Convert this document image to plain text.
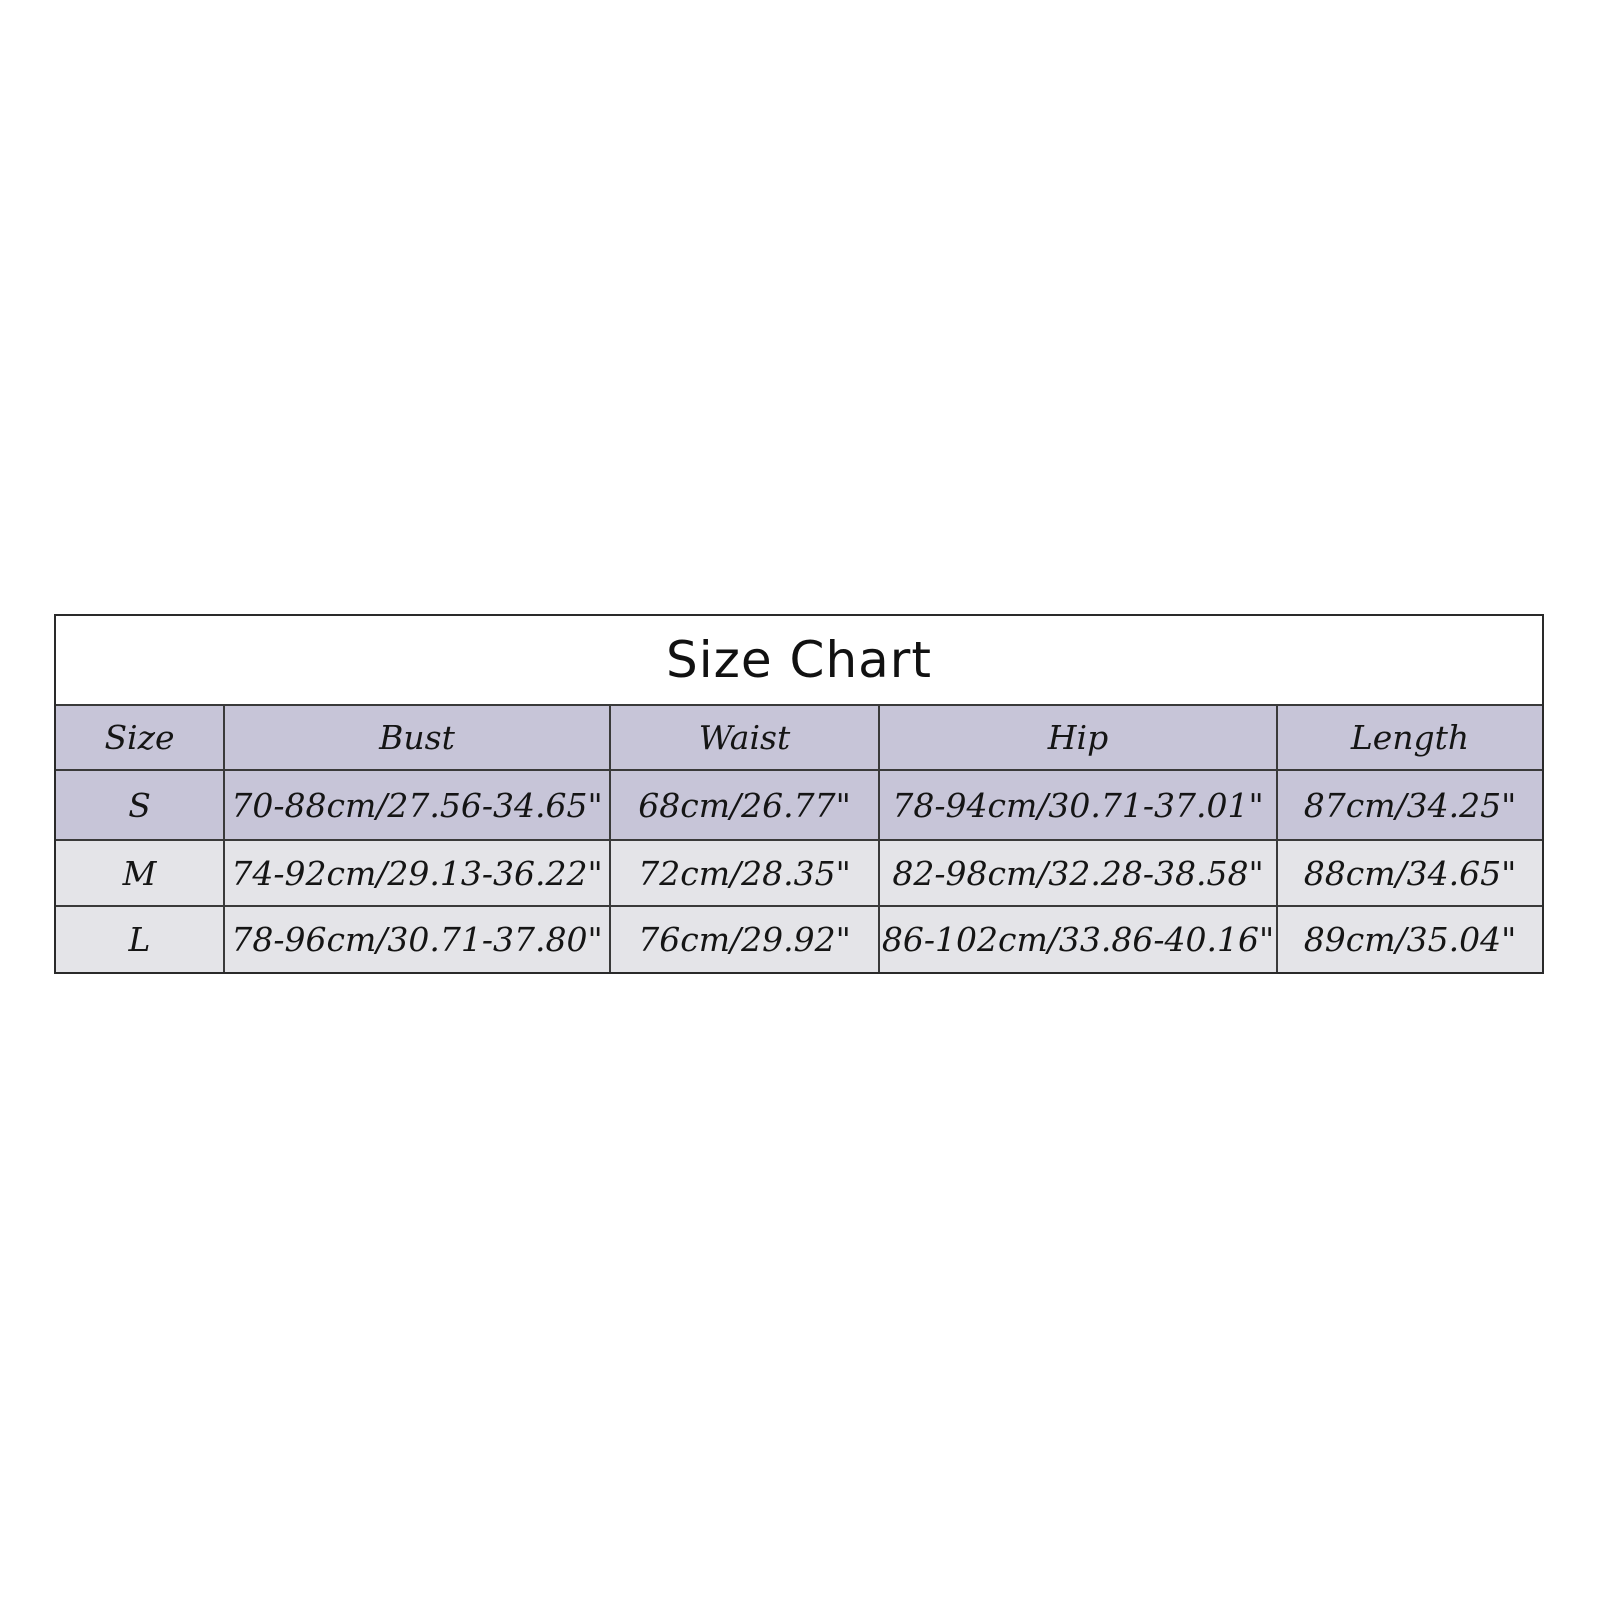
Size Chart
Size	Bust	Waist	Hip	Length
S	70-88cm/27.56-34.65"	68cm/26.77"	78-94cm/30.71-37.01"	87cm/34.25"
M	74-92cm/29.13-36.22"	72cm/28.35"	82-98cm/32.28-38.58"	88cm/34.65"
L	78-96cm/30.71-37.80"	76cm/29.92"	86-102cm/33.86-40.16"	89cm/35.04"
